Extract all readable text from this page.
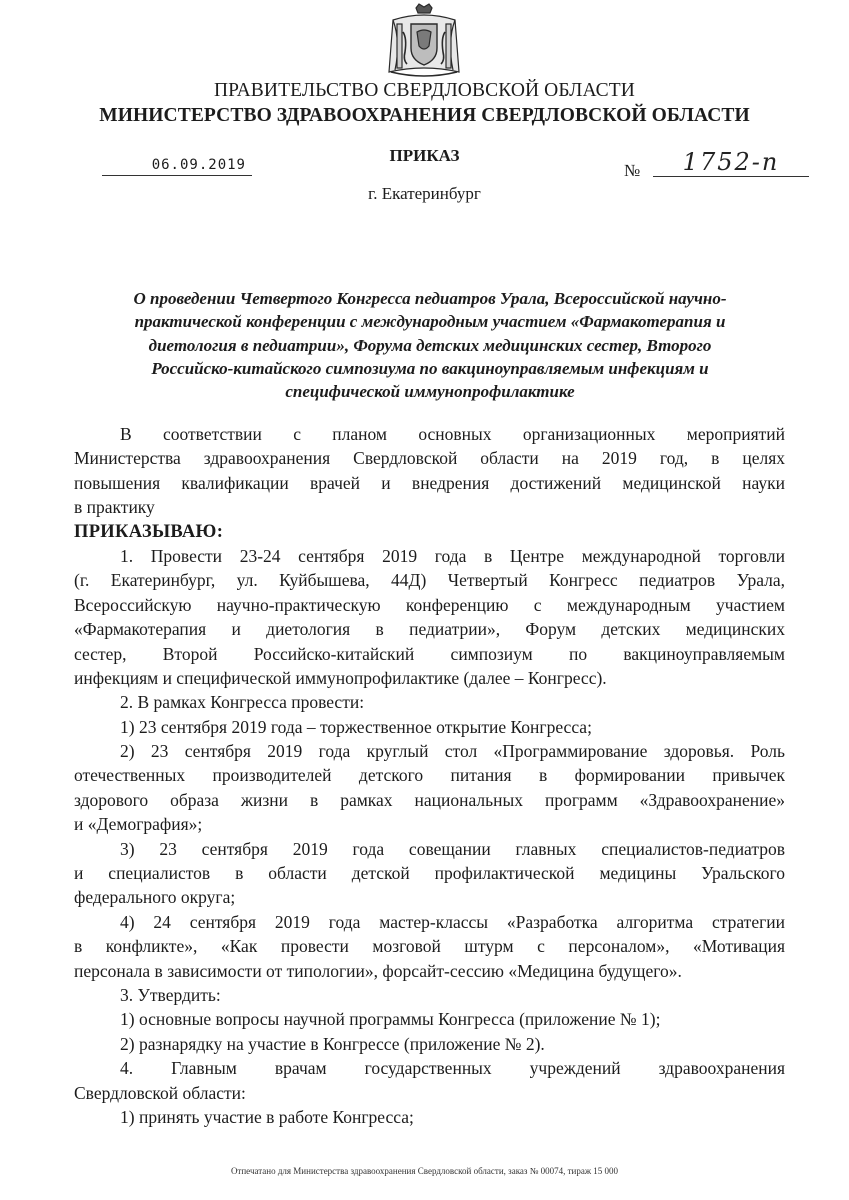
ПРАВИТЕЛЬСТВО СВЕРДЛОВСКОЙ ОБЛАСТИ
МИНИСТЕРСТВО ЗДРАВООХРАНЕНИЯ СВЕРДЛОВСКОЙ ОБЛАСТИ
ПРИКАЗ
06.09.2019	№	1752-п
г. Екатеринбург
О проведении Четвертого Конгресса педиатров Урала, Всероссийской научно-
практической конференции с международным участием «Фармакотерапия и
диетология в педиатрии», Форума детских медицинских сестер, Второго
Российско-китайского симпозиума по вакциноуправляемым инфекциям и
специфической иммунопрофилактике
В соответствии с планом основных организационных мероприятий
Министерства здравоохранения Свердловской области на 2019 год, в целях
повышения квалификации врачей и внедрения достижений медицинской науки
в практику
ПРИКАЗЫВАЮ:
1. Провести 23-24 сентября 2019 года в Центре международной торговли
(г. Екатеринбург, ул. Куйбышева, 44Д) Четвертый Конгресс педиатров Урала,
Всероссийскую научно-практическую конференцию с международным участием
«Фармакотерапия и диетология в педиатрии», Форум детских медицинских
сестер, Второй Российско-китайский симпозиум по вакциноуправляемым
инфекциям и специфической иммунопрофилактике (далее – Конгресс).
2. В рамках Конгресса провести:
1) 23 сентября 2019 года – торжественное открытие Конгресса;
2) 23 сентября 2019 года круглый стол «Программирование здоровья. Роль
отечественных производителей детского питания в формировании привычек
здорового образа жизни в рамках национальных программ «Здравоохранение»
и «Демография»;
3) 23 сентября 2019 года совещании главных специалистов-педиатров
и специалистов в области детской профилактической медицины Уральского
федерального округа;
4) 24 сентября 2019 года мастер-классы «Разработка алгоритма стратегии
в конфликте», «Как провести мозговой штурм с персоналом», «Мотивация
персонала в зависимости от типологии», форсайт-сессию «Медицина будущего».
3. Утвердить:
1) основные вопросы научной программы Конгресса (приложение № 1);
2) разнарядку на участие в Конгрессе (приложение № 2).
4. Главным врачам государственных учреждений здравоохранения
Свердловской области:
1) принять участие в работе Конгресса;
Отпечатано для Министерства здравоохранения Свердловской области, заказ № 00074, тираж 15 000
